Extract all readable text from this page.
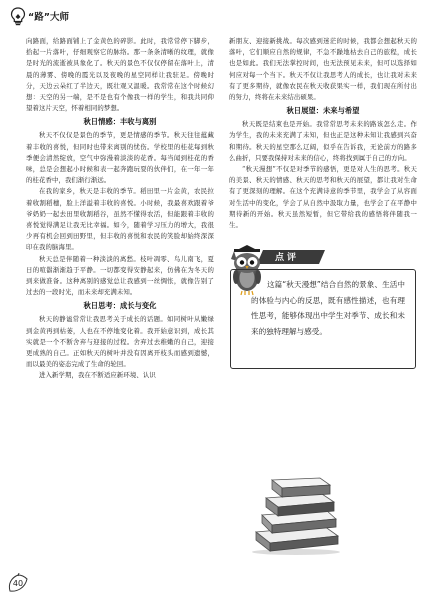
“路”大师

向路面，给路面铺上了金黄色的碎影。此时，我常常停下脚步，拾起一片落叶，仔细观察它的脉络。那一条条清晰的纹理，就像是时光的流逝被具象化了。秋天的景色不仅仅停留在落叶上，清晨的薄雾、傍晚的霞光以及夜晚的星空同样让我驻足。傍晚时分，天边云朵红了半边天，既壮观又温暖。我常常在这个时候幻想：天空的另一端，是不是也有个像我一样的学生，和我共同仰望着这片天空，怀着相同的梦想。

秋日情感：丰收与离别

秋天不仅仅是景色的季节，更是情感的季节。秋天往往蕴藏着丰收的喜悦，但同时也带来离别的忧伤。学校里的桂花每到秋季便会清然绽放，空气中弥漫着淡淡的花香。每当闻到桂花的香味，总是会想起小时候和表一起奔跑玩耍的伙伴们，在一年一年的桂花香中，我们渐行渐远。

在我的家乡，秋天是丰收的季节。稻田里一片金黄，农民拉着收割稻穗，脸上洋溢着丰收的喜悦。小时候，我最喜欢跟着爷爷奶奶一起去田里收割稻谷，虽然不懂得农活，但能跟着丰收的喜悦觉得满足让我无比幸福。如今，随着学习压力的增大，我很少再有机会回到田野里，但丰收的喜悦和农民的笑脸却始终深深印在我的脑海里。

秋天总是伴随着一种淡淡的离愁。枝叶凋零、鸟儿南飞，夏日的喧嚣渐渐趋于平静。一切都变得安静起来，仿佛在为冬天的到来做准备。这种离别的感觉总让我感到一丝惆怅，就像告别了过去的一段时光，而未来却充满未知。

秋日思考：成长与变化

秋天的静谧常常让我思考关于成长的话题。如同树叶从嫩绿到金黄再到枯萎，人也在不停地变化着。我开始意识到，成长其实就是一个不断舍弃与迎接的过程。舍弃过去稚嫩的自己，迎接更成熟的自己。正如秋天的树叶并没有因离开枝头而感到遗憾，而以最美的姿态完成了生命的轮回。

进入新学期，我在不断适应新环境、认识

新朋友、迎接新挑战。每次感到迷茫的时候，我都会想起秋天的落叶，它们顺应自然的规律，不急不躁地枯去自己的旅程，成长也是如此。我们无法掌控时间，也无法预见未来，但可以选择如何应对每一个当下。秋天不仅让我思考人的成长，也让我对未来有了更多期待，就像农民在秋天收获果实一样，我们现在所付出的努力，终将在未来结出硕果。

秋日展望：未来与希望

秋天既是结束也是开始。我常常思考未来的路该怎么走。作为学生，我的未来充满了未知，但也正是这种未知让我感到兴奋和期待。秋天的星空那么辽阔，似乎在告诉我，无论前方的路多么曲折，只要我保持对未来的信心，终将找到属于自己的方向。

“秋天漫想”不仅是对季节的感悟，更是对人生的思考。秋天的美景、秋天的情感、秋天的思考和秋天的展望，都让我对生命有了更深刻的理解。在这个充满诗意的季节里，我学会了从容面对生活中的变化，学会了从自然中汲取力量，也学会了在平静中期待新的开始。秋天虽然短暂，但它带给我的感悟将伴随我一生。

点评

这篇“秋天漫想”结合自然的景象、生活中的体验与内心的反思，既有感性描述，也有理性思考，能够体现出中学生对季节、成长和未来的独特理解与感受。

40
